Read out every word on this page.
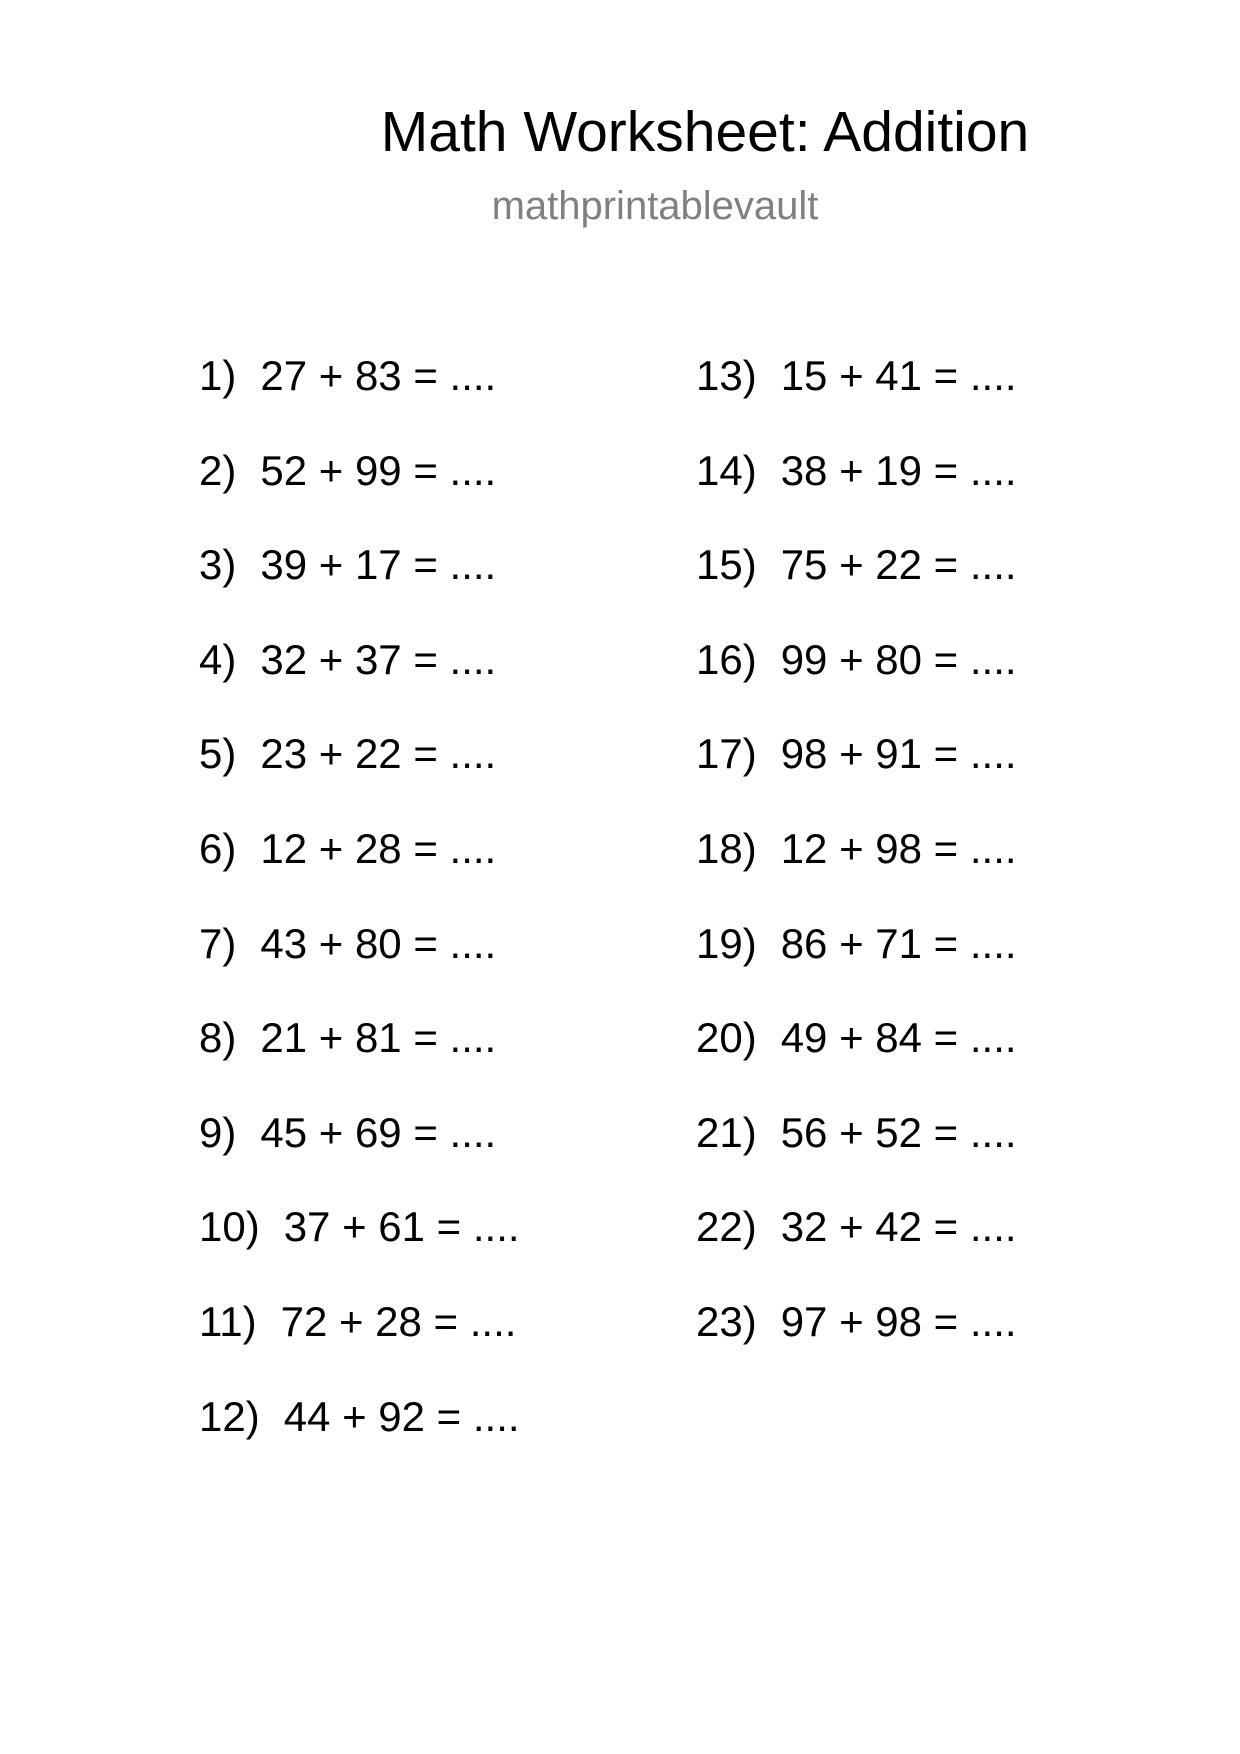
Math Worksheet: Addition
mathprintablevault
1) 27 + 83 = ....
2) 52 + 99 = ....
3) 39 + 17 = ....
4) 32 + 37 = ....
5) 23 + 22 = ....
6) 12 + 28 = ....
7) 43 + 80 = ....
8) 21 + 81 = ....
9) 45 + 69 = ....
10) 37 + 61 = ....
11) 72 + 28 = ....
12) 44 + 92 = ....
13) 15 + 41 = ....
14) 38 + 19 = ....
15) 75 + 22 = ....
16) 99 + 80 = ....
17) 98 + 91 = ....
18) 12 + 98 = ....
19) 86 + 71 = ....
20) 49 + 84 = ....
21) 56 + 52 = ....
22) 32 + 42 = ....
23) 97 + 98 = ....
